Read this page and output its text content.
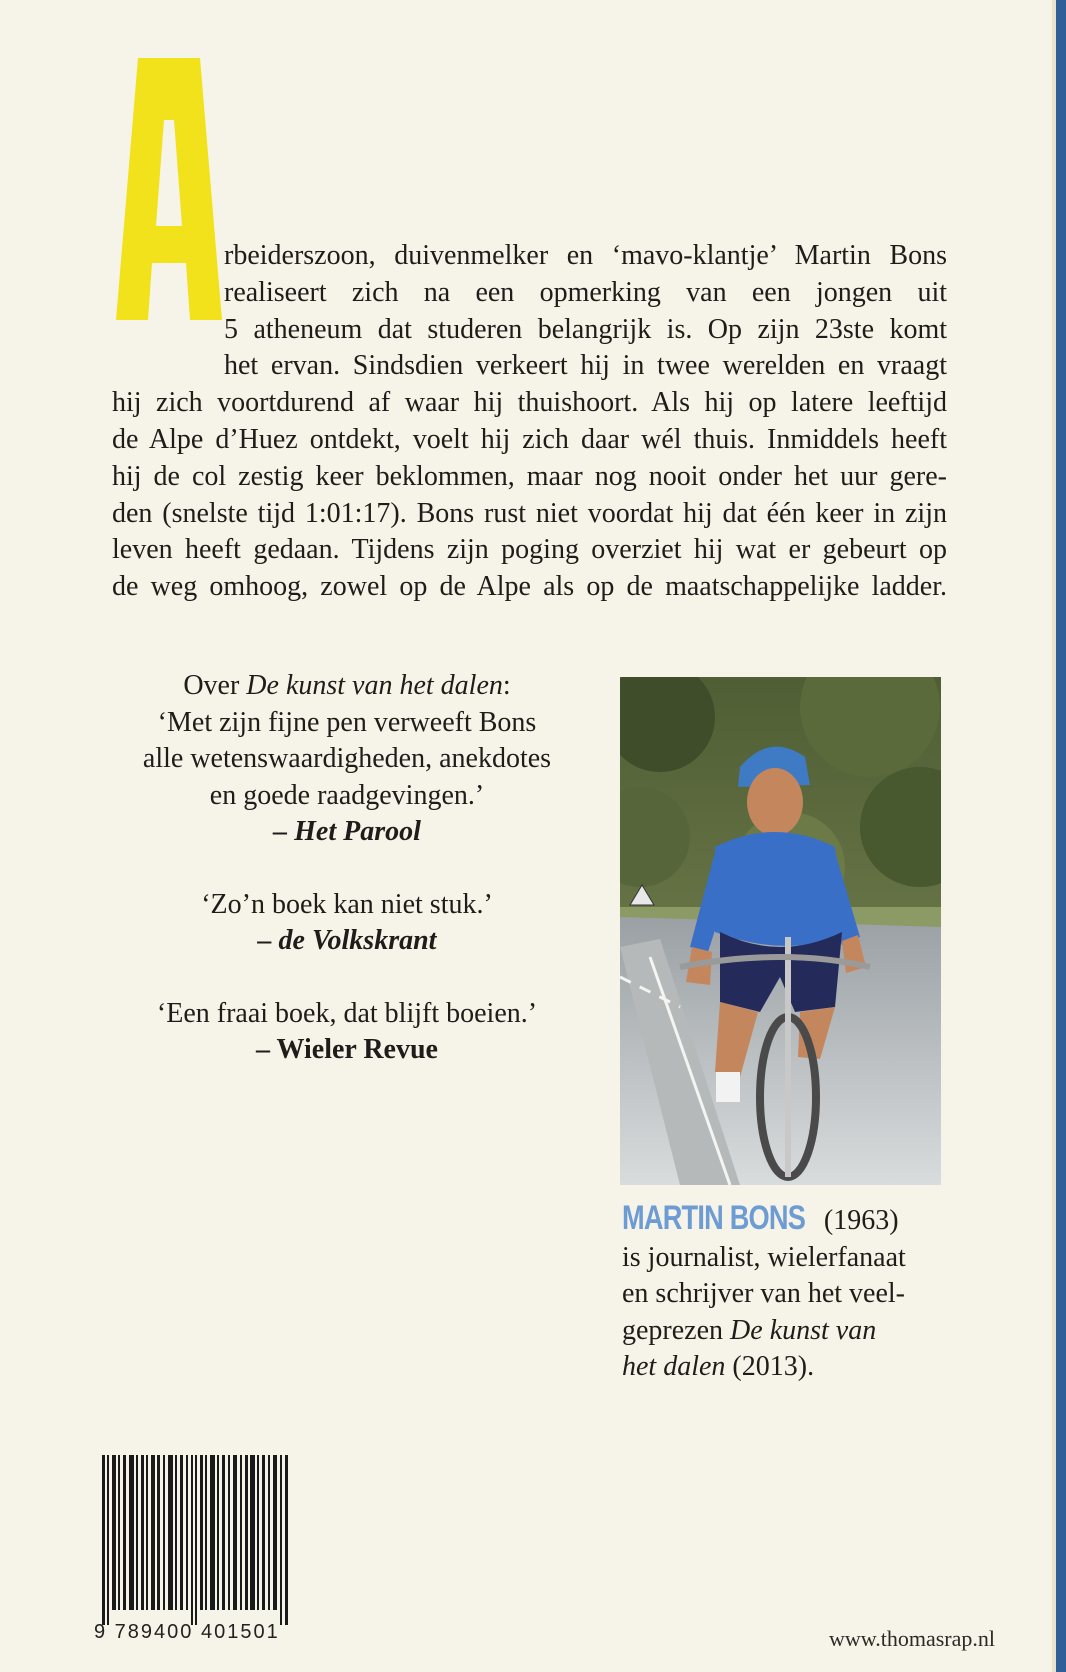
rbeiderszoon, duivenmelker en ‘mavo-klantje’ Martin Bons
realiseert zich na een opmerking van een jongen uit
5 atheneum dat studeren belangrijk is. Op zijn 23ste komt
het ervan. Sindsdien verkeert hij in twee werelden en vraagt
hij zich voortdurend af waar hij thuishoort. Als hij op latere leeftijd
de Alpe d’Huez ontdekt, voelt hij zich daar wél thuis. Inmiddels heeft
hij de col zestig keer beklommen, maar nog nooit onder het uur gere-
den (snelste tijd 1:01:17). Bons rust niet voordat hij dat één keer in zijn
leven heeft gedaan. Tijdens zijn poging overziet hij wat er gebeurt op
de weg omhoog, zowel op de Alpe als op de maatschappelijke ladder.

Over De kunst van het dalen:

‘Met zijn fijne pen verweeft Bons

alle wetenswaardigheden, anekdotes

en goede raadgevingen.’

– Het Parool

‘Zo’n boek kan niet stuk.’

– de Volkskrant

‘Een fraai boek, dat blijft boeien.’

– Wieler Revue

MARTIN BONS (1963)
is journalist, wielerfanaat
en schrijver van het veel-
geprezen De kunst van
het dalen (2013).
9 789400 401501	www.thomasrap.nl
